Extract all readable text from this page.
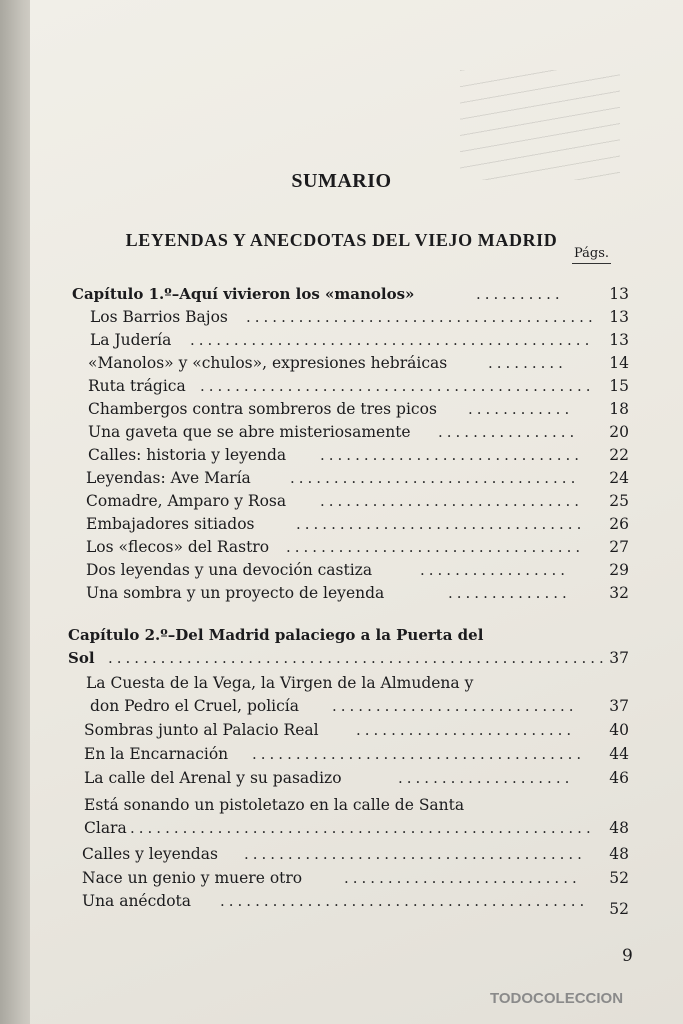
SUMARIO
LEYENDAS Y ANECDOTAS DEL VIEJO MADRID
Págs.
Capítulo 1.º–Aquí vivieron los «manolos»	..........	13
Los Barrios Bajos ........................................ 13
La Judería .............................................. 13
«Manolos» y «chulos», expresiones hebráicas	.........	14
Ruta trágica ............................................. 15
Chambergos contra sombreros de tres picos ............ 18
Una gaveta que se abre misteriosamente ................ 20
Calles: historia y leyenda .............................. 22
Leyendas: Ave María	................................. 24
Comadre, Amparo y Rosa .............................. 25
Embajadores sitiados	................................. 26
Los «flecos» del Rastro .................................. 27
Dos leyendas y una devoción castiza	.................	29
Una sombra y un proyecto de leyenda	.............. 32
Capítulo 2.º–Del Madrid palaciego a la Puerta del
Sol ......................................................... 37
La Cuesta de la Vega, la Virgen de la Almudena y
don Pedro el Cruel, policía ............................ 37
Sombras junto al Palacio Real ......................... 40
En la Encarnación ...................................... 44
La calle del Arenal y su pasadizo	.................... 46
Está sonando un pistoletazo en la calle de Santa
Clara ..................................................... 48
Calles y leyendas ....................................... 48
Nace un genio y muere otro	........................... 52
Una anécdota .......................................... 52
9
TODOCOLECCION
